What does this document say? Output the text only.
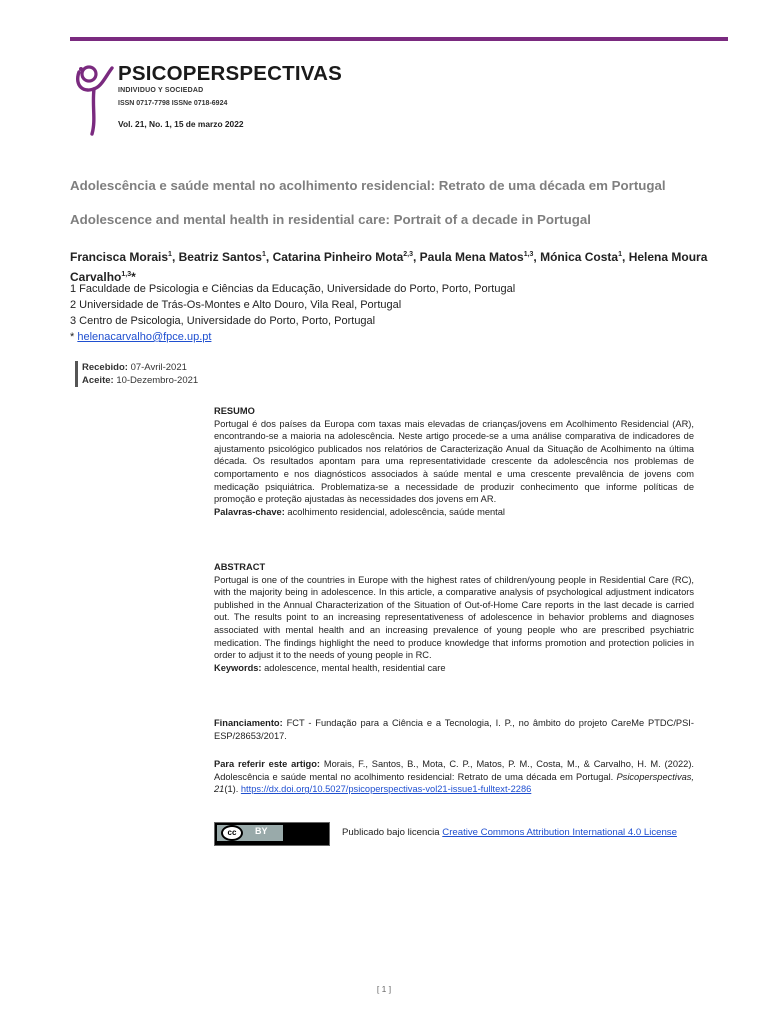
PSICOPERSPECTIVAS
INDIVIDUO Y SOCIEDAD
ISSN 0717-7798 ISSNe 0718-6924
Vol. 21, No. 1, 15 de marzo 2022
Adolescência e saúde mental no acolhimento residencial: Retrato de uma década em Portugal
Adolescence and mental health in residential care: Portrait of a decade in Portugal
Francisca Morais$^1$, Beatriz Santos$^1$, Catarina Pinheiro Mota$^{2,3}$, Paula Mena Matos$^{1,3}$, Mónica Costa$^1$, Helena Moura Carvalho$^{1,3}$*
1 Faculdade de Psicologia e Ciências da Educação, Universidade do Porto, Porto, Portugal
2 Universidade de Trás-Os-Montes e Alto Douro, Vila Real, Portugal
3 Centro de Psicologia, Universidade do Porto, Porto, Portugal
* helenacarvalho@fpce.up.pt
Recebido: 07-Avril-2021
Aceite: 10-Dezembro-2021
RESUMO
Portugal é dos países da Europa com taxas mais elevadas de crianças/jovens em Acolhimento Residencial (AR), encontrando-se a maioria na adolescência. Neste artigo procede-se a uma análise comparativa de indicadores de ajustamento psicológico publicados nos relatórios de Caracterização Anual da Situação de Acolhimento na última década. Os resultados apontam para uma representatividade crescente da adolescência nos problemas de comportamento e nos diagnósticos associados à saúde mental e uma crescente prevalência de jovens com medicação psiquiátrica. Problematiza-se a necessidade de produzir conhecimento que informe políticas de promoção e proteção ajustadas às necessidades dos jovens em AR.
Palavras-chave: acolhimento residencial, adolescência, saúde mental
ABSTRACT
Portugal is one of the countries in Europe with the highest rates of children/young people in Residential Care (RC), with the majority being in adolescence. In this article, a comparative analysis of psychological adjustment indicators published in the Annual Characterization of the Situation of Out-of-Home Care reports in the last decade is carried out. The results point to an increasing representativeness of adolescence in behavior problems and diagnoses associated with mental health and an increasing prevalence of young people who are prescribed psychiatric medication. The findings highlight the need to produce knowledge that informs promotion and protection policies in order to adjust it to the needs of young people in RC.
Keywords: adolescence, mental health, residential care
Financiamento: FCT - Fundação para a Ciência e a Tecnologia, I. P., no âmbito do projeto CareMe PTDC/PSI-ESP/28653/2017.
Para referir este artigo: Morais, F., Santos, B., Mota, C. P., Matos, P. M., Costa, M., & Carvalho, H. M. (2022). Adolescência e saúde mental no acolhimento residencial: Retrato de uma década em Portugal. Psicoperspectivas, 21(1). https://dx.doi.org/10.5027/psicoperspectivas-vol21-issue1-fulltext-2286
cc	BY	Publicado bajo licencia Creative Commons Attribution International 4.0 License
[ 1 ]
